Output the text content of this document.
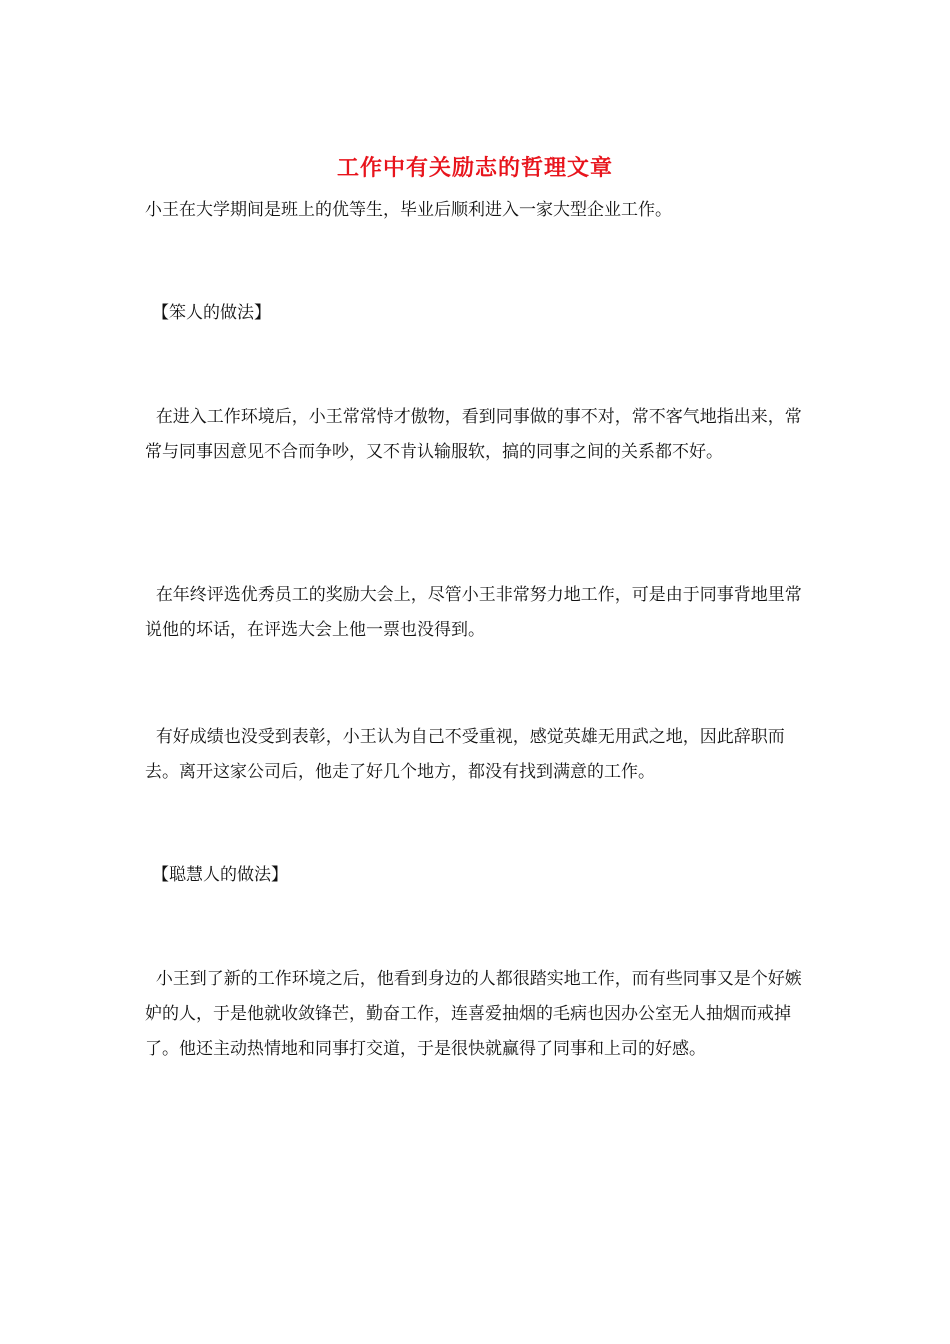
工作中有关励志的哲理文章

小王在大学期间是班上的优等生，毕业后顺利进入一家大型企业工作。

【笨人的做法】

在进入工作环境后，小王常常恃才傲物，看到同事做的事不对，常不客气地指出来，常常与同事因意见不合而争吵，又不肯认输服软，搞的同事之间的关系都不好。

在年终评选优秀员工的奖励大会上，尽管小王非常努力地工作，可是由于同事背地里常说他的坏话，在评选大会上他一票也没得到。

有好成绩也没受到表彰，小王认为自己不受重视，感觉英雄无用武之地，因此辞职而去。离开这家公司后，他走了好几个地方，都没有找到满意的工作。

【聪慧人的做法】

小王到了新的工作环境之后，他看到身边的人都很踏实地工作，而有些同事又是个好嫉妒的人，于是他就收敛锋芒，勤奋工作，连喜爱抽烟的毛病也因办公室无人抽烟而戒掉了。他还主动热情地和同事打交道，于是很快就赢得了同事和上司的好感。
